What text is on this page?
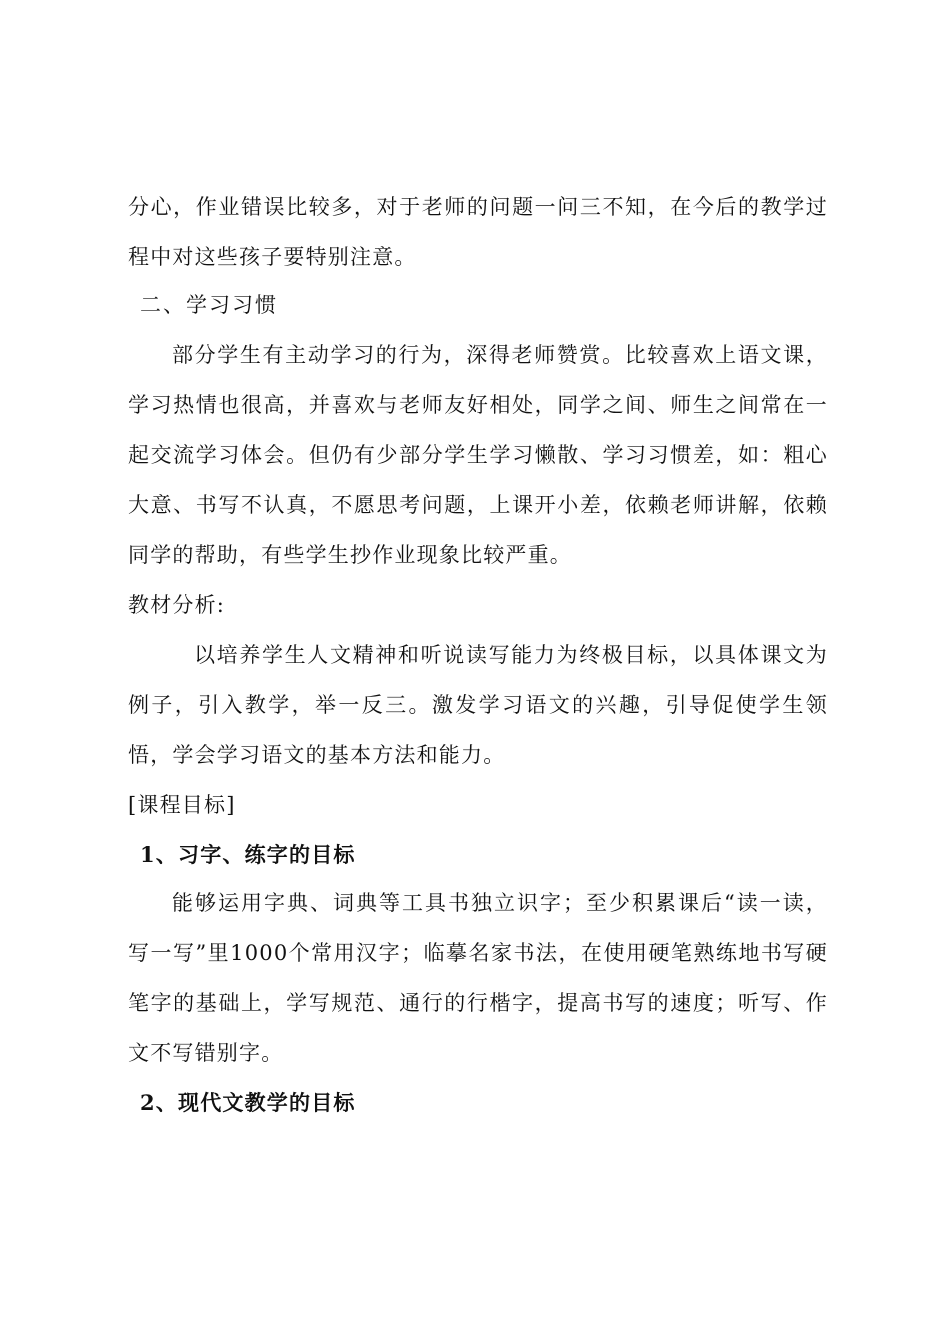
分心，作业错误比较多，对于老师的问题一问三不知，在今后的教学过
程中对这些孩子要特别注意。
二、学习习惯
部分学生有主动学习的行为，深得老师赞赏。比较喜欢上语文课，
学习热情也很高，并喜欢与老师友好相处，同学之间、师生之间常在一
起交流学习体会。但仍有少部分学生学习懒散、学习习惯差，如：粗心
大意、书写不认真，不愿思考问题，上课开小差，依赖老师讲解，依赖
同学的帮助，有些学生抄作业现象比较严重。
教材分析:
以培养学生人文精神和听说读写能力为终极目标，以具体课文为
例子，引入教学，举一反三。激发学习语文的兴趣，引导促使学生领
悟，学会学习语文的基本方法和能力。
[课程目标]
1、习字、练字的目标
能够运用字典、词典等工具书独立识字；至少积累课后“读一读，
写一写”里1000个常用汉字；临摹名家书法，在使用硬笔熟练地书写硬
笔字的基础上，学写规范、通行的行楷字，提高书写的速度；听写、作
文不写错别字。
2、现代文教学的目标
